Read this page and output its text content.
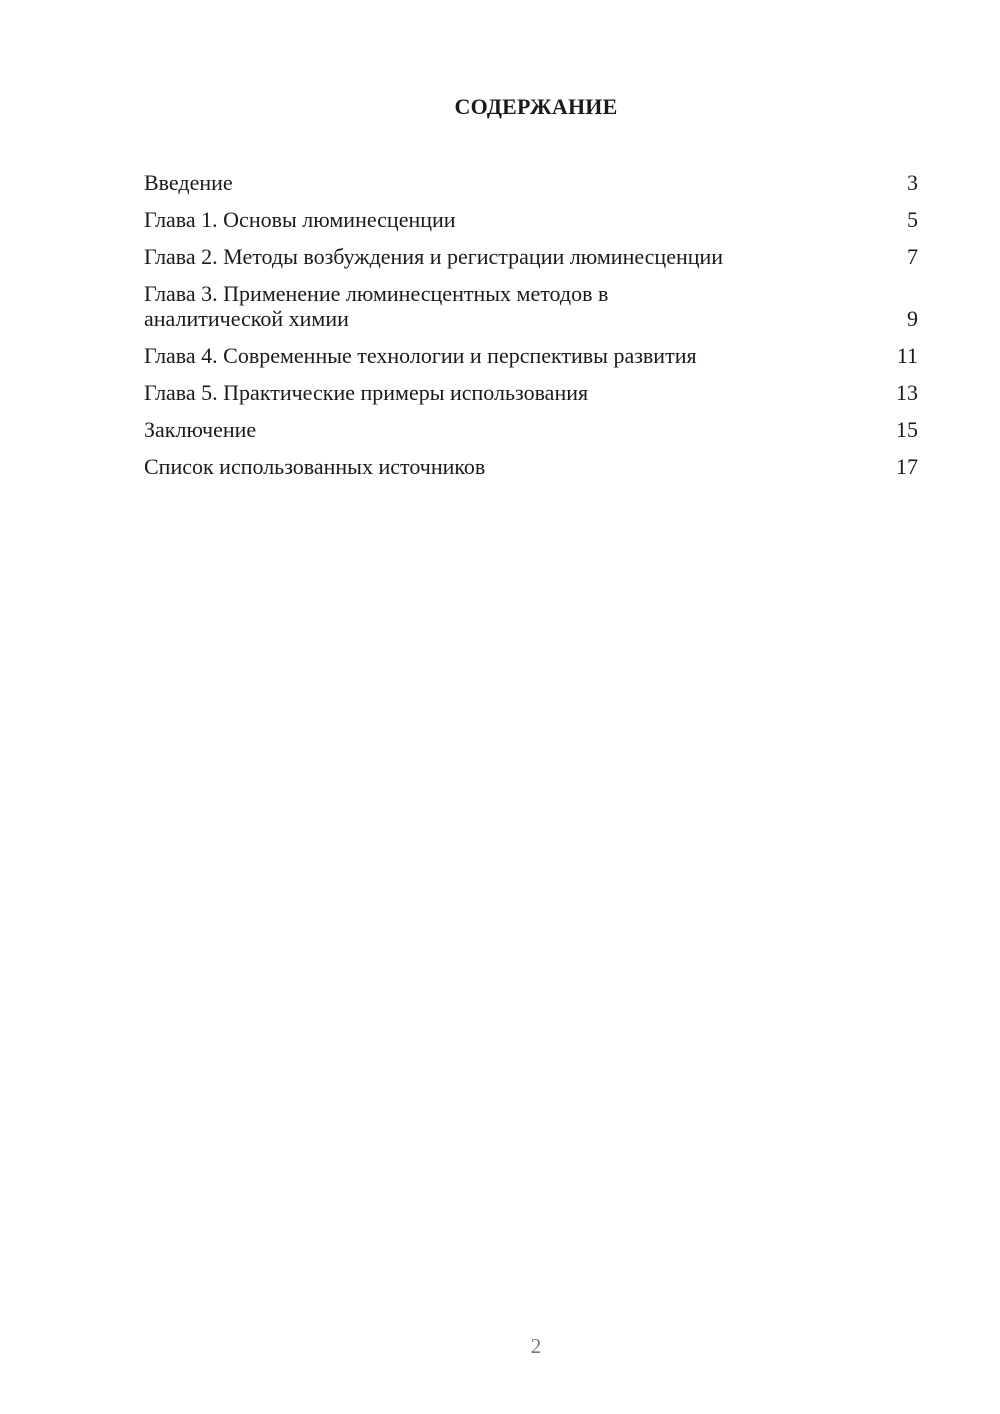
СОДЕРЖАНИЕ
Введение	3
Глава 1. Основы люминесценции	5
Глава 2. Методы возбуждения и регистрации люминесценции	7
Глава 3. Применение люминесцентных методов в
аналитической химии	9
Глава 4. Современные технологии и перспективы развития	11
Глава 5. Практические примеры использования	13
Заключение	15
Список использованных источников	17
2
